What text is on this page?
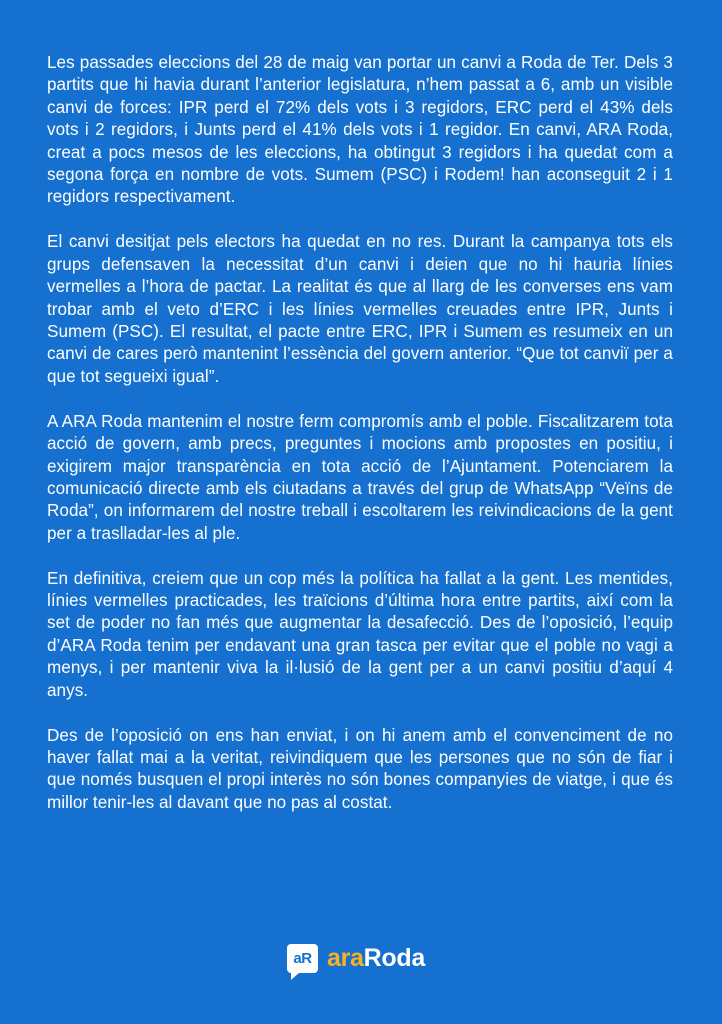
Les passades eleccions del 28 de maig van portar un canvi a Roda de Ter. Dels 3 partits que hi havia durant l’anterior legislatura, n’hem passat a 6, amb un visible canvi de forces: IPR perd el 72% dels vots i 3 regidors, ERC perd el 43% dels vots i 2 regidors, i Junts perd el 41% dels vots i 1 regidor. En canvi, ARA Roda, creat a pocs mesos de les eleccions, ha obtingut 3 regidors i ha quedat com a segona força en nombre de vots. Sumem (PSC) i Rodem! han aconseguit 2 i 1 regidors respectivament.

El canvi desitjat pels electors ha quedat en no res. Durant la campanya tots els grups defensaven la necessitat d’un canvi i deien que no hi hauria línies vermelles a l’hora de pactar. La realitat és que al llarg de les converses ens vam trobar amb el veto d’ERC i les línies vermelles creuades entre IPR, Junts i Sumem (PSC). El resultat, el pacte entre ERC, IPR i Sumem es resumeix en un canvi de cares però mantenint l’essència del govern anterior. “Que tot canviï per a que tot segueixi igual”.

A ARA Roda mantenim el nostre ferm compromís amb el poble. Fiscalitzarem tota acció de govern, amb precs, preguntes i mocions amb propostes en positiu, i exigirem major transparència en tota acció de l’Ajuntament. Potenciarem la comunicació directe amb els ciutadans a través del grup de WhatsApp “Veïns de Roda”, on informarem del nostre treball i escoltarem les reivindicacions de la gent per a traslladar-les al ple.

En definitiva, creiem que un cop més la política ha fallat a la gent. Les mentides, línies vermelles practicades, les traïcions d’última hora entre partits, així com la set de poder no fan més que augmentar la desafecció. Des de l’oposició, l’equip d’ARA Roda tenim per endavant una gran tasca per evitar que el poble no vagi a menys, i per mantenir viva la il·lusió de la gent per a un canvi positiu d’aquí 4 anys.

Des de l’oposició on ens han enviat, i on hi anem amb el convenciment de no haver fallat mai a la veritat, reivindiquem que les persones que no són de fiar i que només busquen el propi interès no són bones companyies de viatge, i que és millor tenir-les al davant que no pas al costat.

aR araRoda
